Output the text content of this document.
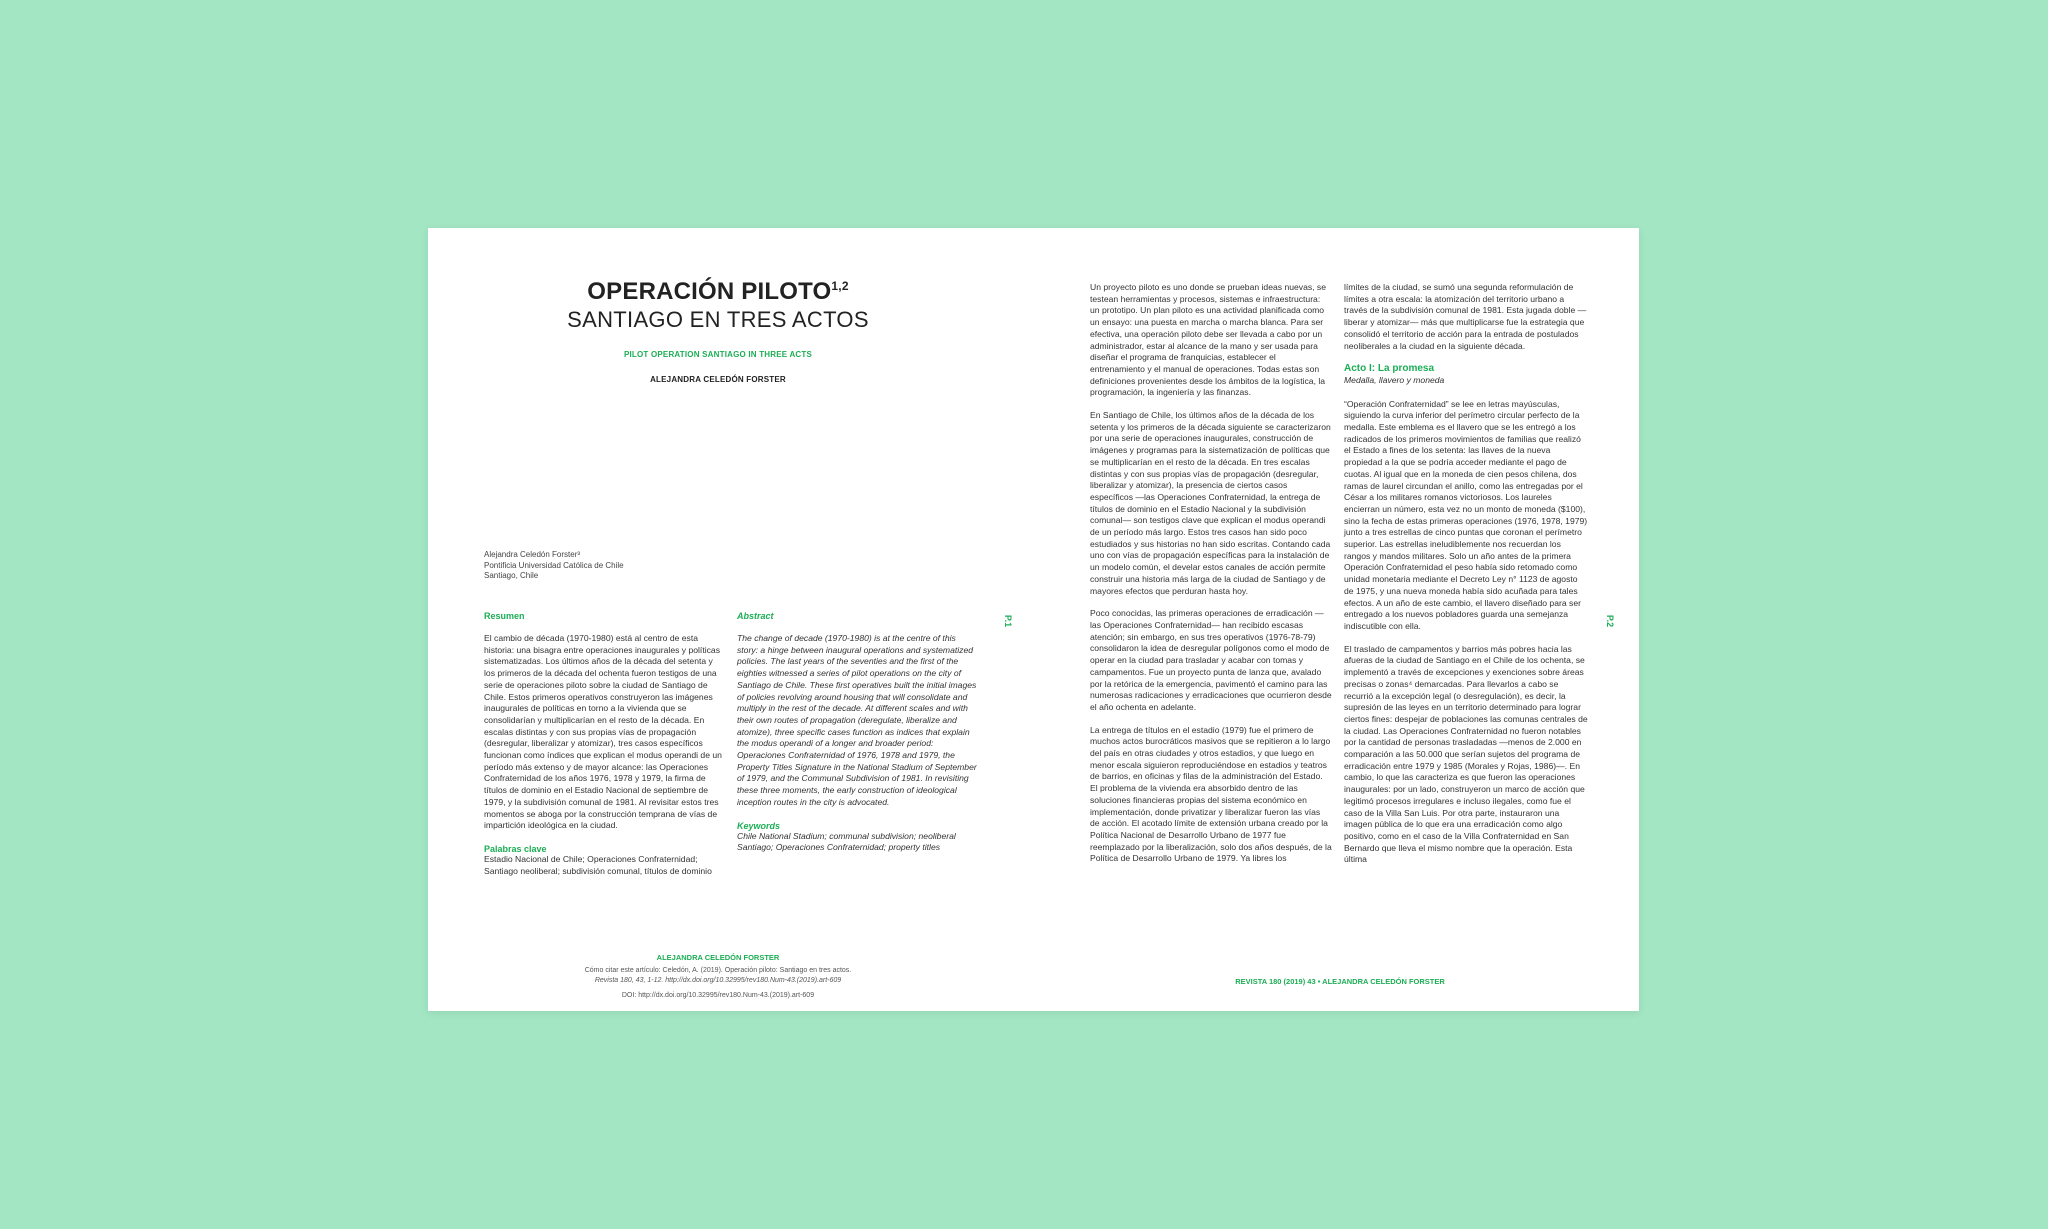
OPERACIÓN PILOTO$^{1,2}$
SANTIAGO EN TRES ACTOS
PILOT OPERATION SANTIAGO IN THREE ACTS
ALEJANDRA CELEDÓN FORSTER
Alejandra Celedón Forster³
Pontificia Universidad Católica de Chile
Santiago, Chile
Resumen
El cambio de década (1970-1980) está al centro de esta historia: una bisagra entre operaciones inaugurales y políticas sistematizadas. Los últimos años de la década del setenta y los primeros de la década del ochenta fueron testigos de una serie de operaciones piloto sobre la ciudad de Santiago de Chile. Estos primeros operativos construyeron las imágenes inaugurales de políticas en torno a la vivienda que se consolidarían y multiplicarían en el resto de la década. En escalas distintas y con sus propias vías de propagación (desregular, liberalizar y atomizar), tres casos específicos funcionan como índices que explican el modus operandi de un período más extenso y de mayor alcance: las Operaciones Confraternidad de los años 1976, 1978 y 1979, la firma de títulos de dominio en el Estadio Nacional de septiembre de 1979, y la subdivisión comunal de 1981. Al revisitar estos tres momentos se aboga por la construcción temprana de vías de impartición ideológica en la ciudad.
Palabras clave
Estadio Nacional de Chile; Operaciones Confraternidad; Santiago neoliberal; subdivisión comunal, títulos de dominio
Abstract
The change of decade (1970-1980) is at the centre of this story: a hinge between inaugural operations and systematized policies. The last years of the seventies and the first of the eighties witnessed a series of pilot operations on the city of Santiago de Chile. These first operatives built the initial images of policies revolving around housing that will consolidate and multiply in the rest of the decade. At different scales and with their own routes of propagation (deregulate, liberalize and atomize), three specific cases function as indices that explain the modus operandi of a longer and broader period: Operaciones Confraternidad of 1976, 1978 and 1979, the Property Titles Signature in the National Stadium of September of 1979, and the Communal Subdivision of 1981. In revisiting these three moments, the early construction of ideological inception routes in the city is advocated.
Keywords
Chile National Stadium; communal subdivision; neoliberal Santiago; Operaciones Confraternidad; property titles
P.1
ALEJANDRA CELEDÓN FORSTER
Cómo citar este artículo: Celedón, A. (2019). Operación piloto: Santiago en tres actos.
Revista 180, 43, 1-12. http://dx.doi.org/10.32995/rev180.Num-43.(2019).art-609
DOI: http://dx.doi.org/10.32995/rev180.Num-43.(2019).art-609

Un proyecto piloto es uno donde se prueban ideas nuevas, se testean herramientas y procesos, sistemas e infraestructura: un prototipo. Un plan piloto es una actividad planificada como un ensayo: una puesta en marcha o marcha blanca. Para ser efectiva, una operación piloto debe ser llevada a cabo por un administrador, estar al alcance de la mano y ser usada para diseñar el programa de franquicias, establecer el entrenamiento y el manual de operaciones. Todas estas son definiciones provenientes desde los ámbitos de la logística, la programación, la ingeniería y las finanzas.

En Santiago de Chile, los últimos años de la década de los setenta y los primeros de la década siguiente se caracterizaron por una serie de operaciones inaugurales, construcción de imágenes y programas para la sistematización de políticas que se multiplicarían en el resto de la década. En tres escalas distintas y con sus propias vías de propagación (desregular, liberalizar y atomizar), la presencia de ciertos casos específicos —las Operaciones Confraternidad, la entrega de títulos de dominio en el Estadio Nacional y la subdivisión comunal— son testigos clave que explican el modus operandi de un período más largo. Estos tres casos han sido poco estudiados y sus historias no han sido escritas. Contando cada uno con vías de propagación específicas para la instalación de un modelo común, el develar estos canales de acción permite construir una historia más larga de la ciudad de Santiago y de mayores efectos que perduran hasta hoy.

Poco conocidas, las primeras operaciones de erradicación —las Operaciones Confraternidad— han recibido escasas atención; sin embargo, en sus tres operativos (1976-78-79) consolidaron la idea de desregular polígonos como el modo de operar en la ciudad para trasladar y acabar con tomas y campamentos. Fue un proyecto punta de lanza que, avalado por la retórica de la emergencia, pavimentó el camino para las numerosas radicaciones y erradicaciones que ocurrieron desde el año ochenta en adelante.

La entrega de títulos en el estadio (1979) fue el primero de muchos actos burocráticos masivos que se repitieron a lo largo del país en otras ciudades y otros estadios, y que luego en menor escala siguieron reproduciéndose en estadios y teatros de barrios, en oficinas y filas de la administración del Estado. El problema de la vivienda era absorbido dentro de las soluciones financieras propias del sistema económico en implementación, donde privatizar y liberalizar fueron las vías de acción. El acotado límite de extensión urbana creado por la Política Nacional de Desarrollo Urbano de 1977 fue reemplazado por la liberalización, solo dos años después, de la Política de Desarrollo Urbano de 1979. Ya libres los

límites de la ciudad, se sumó una segunda reformulación de límites a otra escala: la atomización del territorio urbano a través de la subdivisión comunal de 1981. Esta jugada doble —liberar y atomizar— más que multiplicarse fue la estrategia que consolidó el territorio de acción para la entrada de postulados neoliberales a la ciudad en la siguiente década.

Acto I: La promesa
Medalla, llavero y moneda

“Operación Confraternidad” se lee en letras mayúsculas, siguiendo la curva inferior del perímetro circular perfecto de la medalla. Este emblema es el llavero que se les entregó a los radicados de los primeros movimientos de familias que realizó el Estado a fines de los setenta: las llaves de la nueva propiedad a la que se podría acceder mediante el pago de cuotas. Al igual que en la moneda de cien pesos chilena, dos ramas de laurel circundan el anillo, como las entregadas por el César a los militares romanos victoriosos. Los laureles encierran un número, esta vez no un monto de moneda ($100), sino la fecha de estas primeras operaciones (1976, 1978, 1979) junto a tres estrellas de cinco puntas que coronan el perímetro superior. Las estrellas ineludiblemente nos recuerdan los rangos y mandos militares. Solo un año antes de la primera Operación Confraternidad el peso había sido retomado como unidad monetaria mediante el Decreto Ley n° 1123 de agosto de 1975, y una nueva moneda había sido acuñada para tales efectos. A un año de este cambio, el llavero diseñado para ser entregado a los nuevos pobladores guarda una semejanza indiscutible con ella.

El traslado de campamentos y barrios más pobres hacia las afueras de la ciudad de Santiago en el Chile de los ochenta, se implementó a través de excepciones y exenciones sobre áreas precisas o zonas⁴ demarcadas. Para llevarlos a cabo se recurrió a la excepción legal (o desregulación), es decir, la supresión de las leyes en un territorio determinado para lograr ciertos fines: despejar de poblaciones las comunas centrales de la ciudad. Las Operaciones Confraternidad no fueron notables por la cantidad de personas trasladadas —menos de 2.000 en comparación a las 50.000 que serían sujetos del programa de erradicación entre 1979 y 1985 (Morales y Rojas, 1986)—. En cambio, lo que las caracteriza es que fueron las operaciones inaugurales: por un lado, construyeron un marco de acción que legitimó procesos irregulares e incluso ilegales, como fue el caso de la Villa San Luis. Por otra parte, instauraron una imagen pública de lo que era una erradicación como algo positivo, como en el caso de la Villa Confraternidad en San Bernardo que lleva el mismo nombre que la operación. Esta última

P.2
REVISTA 180 (2019) 43 • ALEJANDRA CELEDÓN FORSTER
